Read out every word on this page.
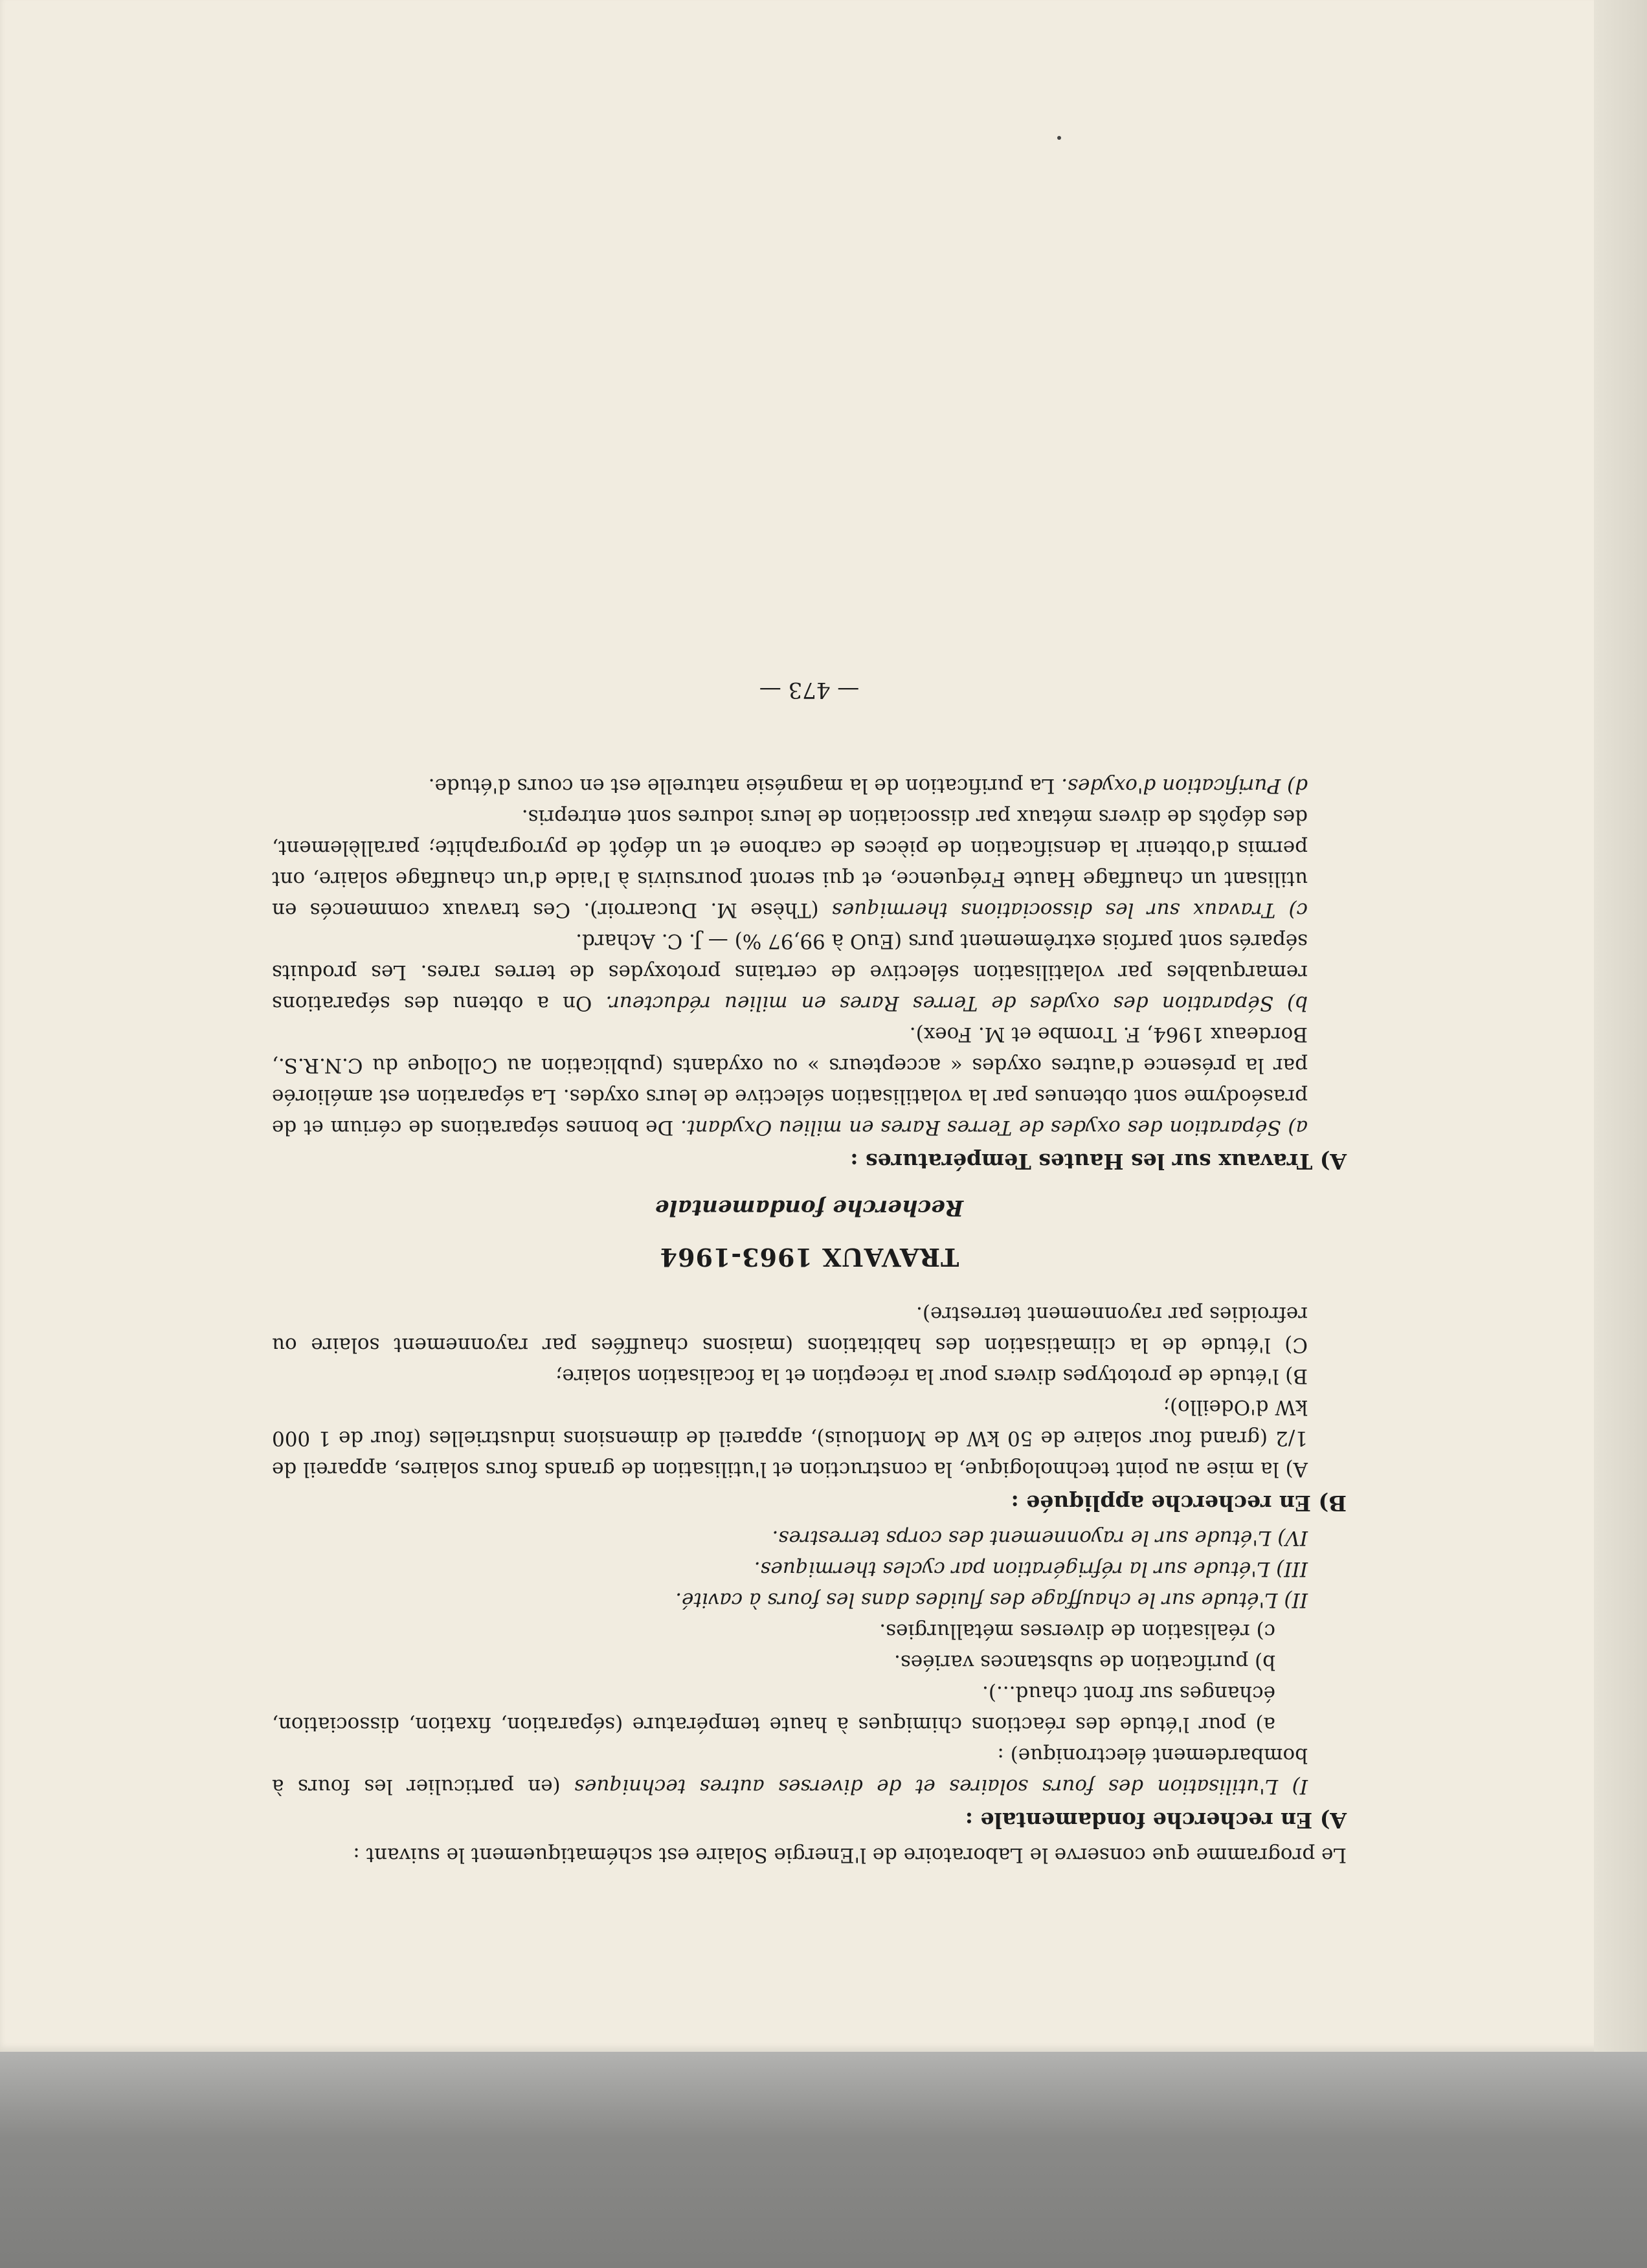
Le programme que conserve le Laboratoire de l'Energie Solaire est schématiquement le suivant :

A) En recherche fondamentale :

I) L'utilisation des fours solaires et de diverses autres techniques (en particulier les fours à bombardement électronique) :

a) pour l'étude des réactions chimiques à haute température (séparation, fixation, dissociation, échanges sur front chaud...).

b) purification de substances variées.

c) réalisation de diverses métallurgies.

II) L'étude sur le chauffage des fluides dans les fours à cavité.

III) L'étude sur la réfrigération par cycles thermiques.

IV) L'étude sur le rayonnement des corps terrestres.

B) En recherche appliquée :

A) la mise au point technologique, la construction et l'utilisation de grands fours solaires, appareil de 1/2 (grand four solaire de 50 kW de Montlouis), appareil de dimensions industrielles (four de 1 000 kW d'Odeillo);

B) l'étude de prototypes divers pour la réception et la focalisation solaire;

C) l'étude de la climatisation des habitations (maisons chauffées par rayonnement solaire ou refroidies par rayonnement terrestre).

TRAVAUX 1963-1964

Recherche fondamentale

A) Travaux sur les Hautes Températures :

a) Séparation des oxydes de Terres Rares en milieu Oxydant. De bonnes séparations de cérium et de praséodyme sont obtenues par la volatilisation sélective de leurs oxydes. La séparation est améliorée par la présence d'autres oxydes « accepteurs » ou oxydants (publication au Colloque du C.N.R.S., Bordeaux 1964, F. Trombe et M. Foex).

b) Séparation des oxydes de Terres Rares en milieu réducteur. On a obtenu des séparations remarquables par volatilisation sélective de certains protoxydes de terres rares. Les produits séparés sont parfois extrêmement purs (EuO à 99,97 %) — J. C. Achard.

c) Travaux sur les dissociations thermiques (Thèse M. Ducarroir). Ces travaux commencés en utilisant un chauffage Haute Fréquence, et qui seront poursuivis à l'aide d'un chauffage solaire, ont permis d'obtenir la densification de pièces de carbone et un dépôt de pyrographite; parallèlement, des dépôts de divers métaux par dissociation de leurs iodures sont entrepris.

d) Purification d'oxydes. La purification de la magnésie naturelle est en cours d'étude.

— 473 —
